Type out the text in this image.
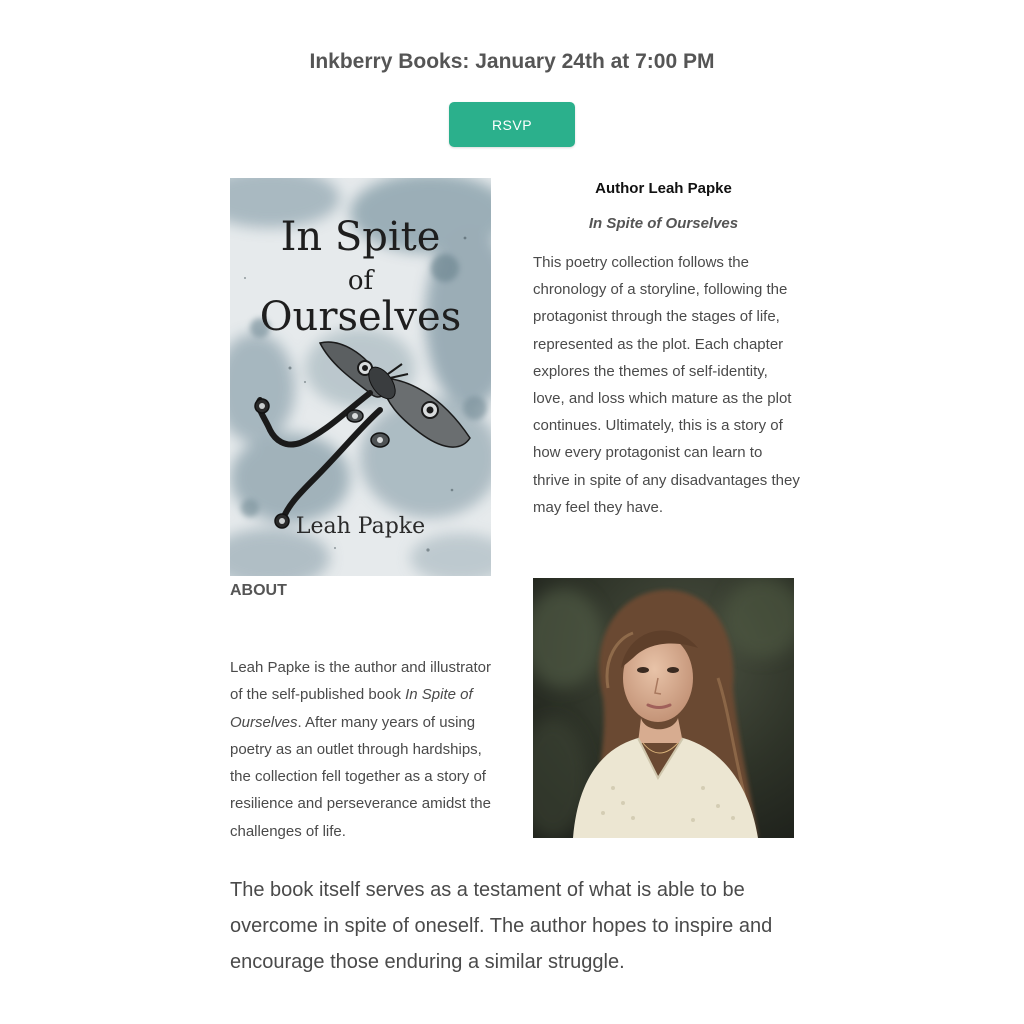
Inkberry Books: January 24th at 7:00 PM
RSVP
In Spite
of
Ourselves
Leah Papke
ABOUT

Leah Papke is the author and illustrator of the self-published book In Spite of Ourselves. After many years of using poetry as an outlet through hardships, the collection fell together as a story of resilience and perseverance amidst the challenges of life.

Author Leah Papke
In Spite of Ourselves

This poetry collection follows the chronology of a storyline, following the protagonist through the stages of life, represented as the plot. Each chapter explores the themes of self-identity, love, and loss which mature as the plot continues. Ultimately, this is a story of how every protagonist can learn to thrive in spite of any disadvantages they may feel they have.

The book itself serves as a testament of what is able to be overcome in spite of oneself. The author hopes to inspire and encourage those enduring a similar struggle.
